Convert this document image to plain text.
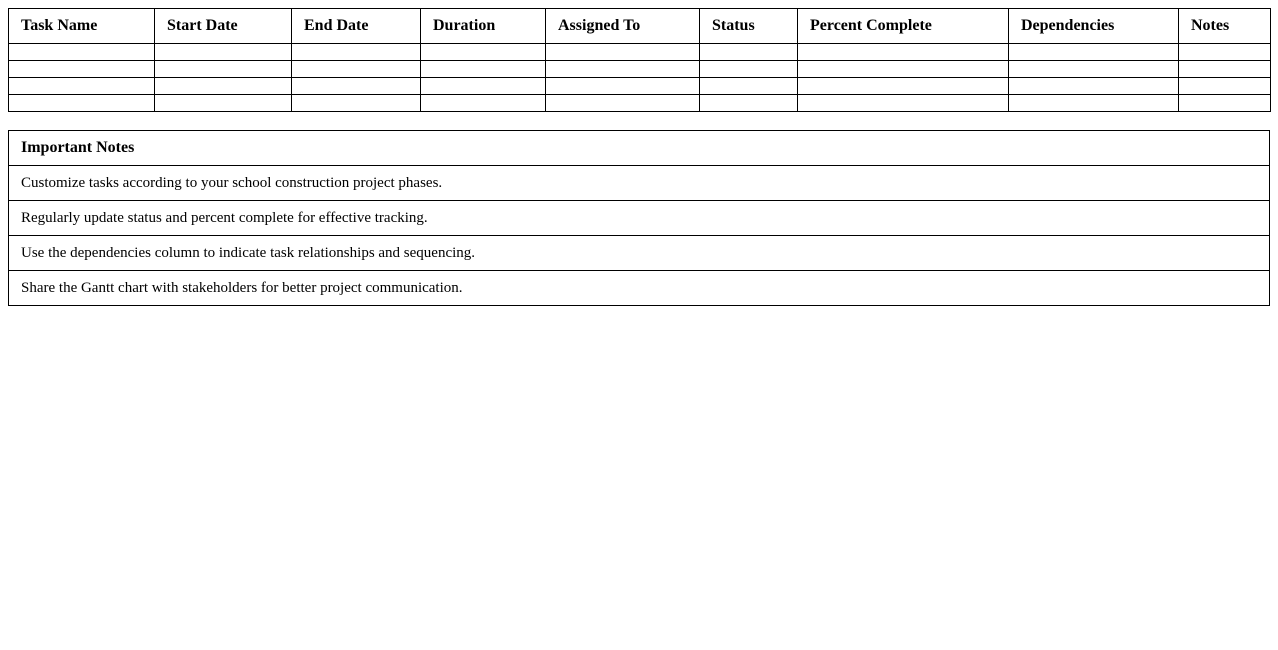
Task Name	Start Date	End Date	Duration	Assigned To	Status	Percent Complete	Dependencies	Notes

Important Notes
Customize tasks according to your school construction project phases.
Regularly update status and percent complete for effective tracking.
Use the dependencies column to indicate task relationships and sequencing.
Share the Gantt chart with stakeholders for better project communication.
